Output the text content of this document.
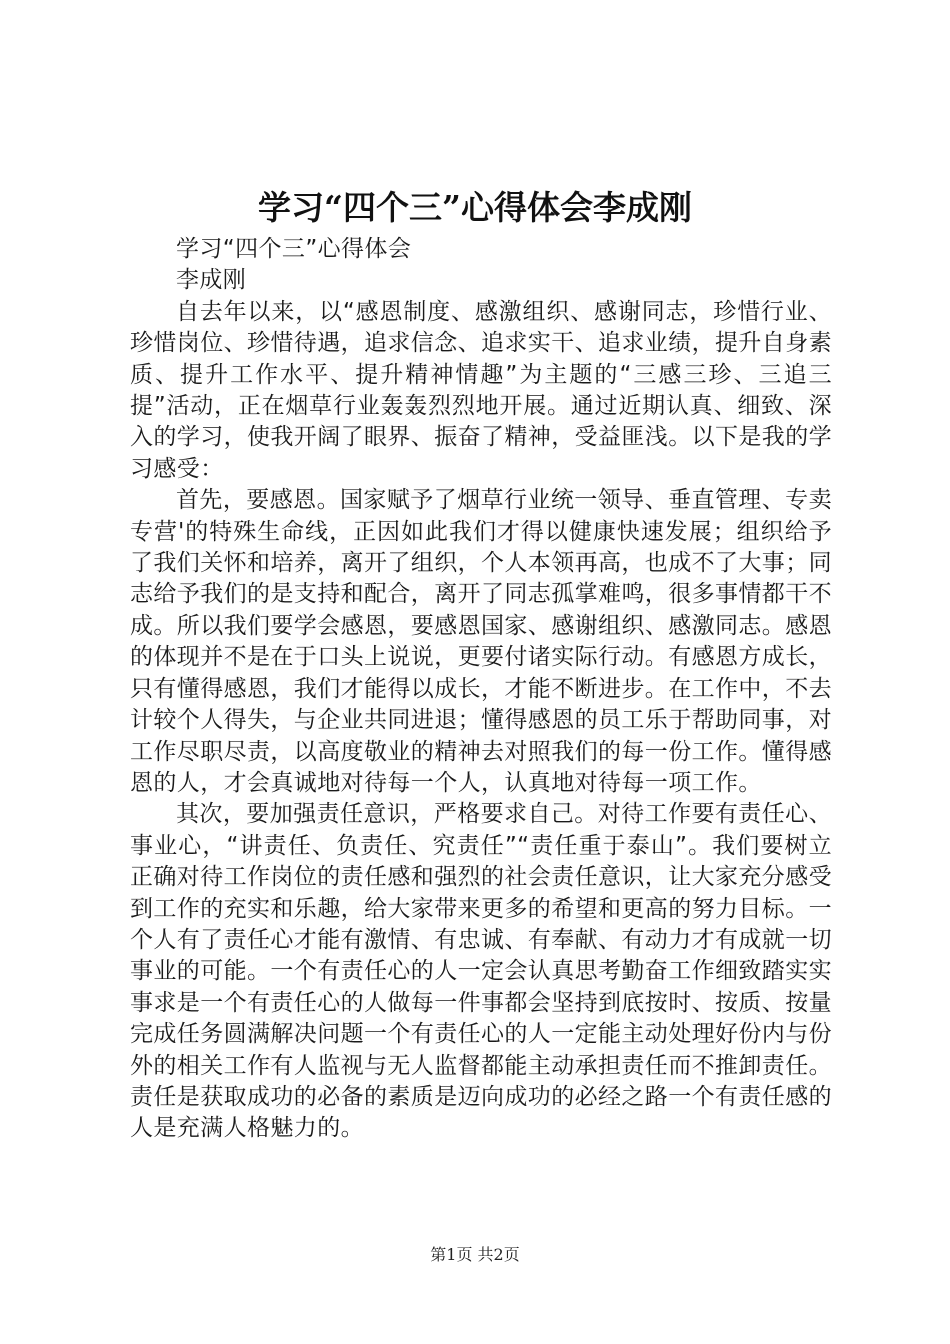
学习“四个三”心得体会李成刚

学习“四个三”心得体会

李成刚

自去年以来，以“感恩制度、感激组织、感谢同志，珍惜行业、珍惜岗位、珍惜待遇，追求信念、追求实干、追求业绩，提升自身素质、提升工作水平、提升精神情趣”为主题的“三感三珍、三追三提”活动，正在烟草行业轰轰烈烈地开展。通过近期认真、细致、深入的学习，使我开阔了眼界、振奋了精神，受益匪浅。以下是我的学习感受：

首先，要感恩。国家赋予了烟草行业统一领导、垂直管理、专卖专营'的特殊生命线，正因如此我们才得以健康快速发展；组织给予了我们关怀和培养，离开了组织，个人本领再高，也成不了大事；同志给予我们的是支持和配合，离开了同志孤掌难鸣，很多事情都干不成。所以我们要学会感恩，要感恩国家、感谢组织、感激同志。感恩的体现并不是在于口头上说说，更要付诸实际行动。有感恩方成长，只有懂得感恩，我们才能得以成长，才能不断进步。在工作中，不去计较个人得失，与企业共同进退；懂得感恩的员工乐于帮助同事，对工作尽职尽责，以高度敬业的精神去对照我们的每一份工作。懂得感恩的人，才会真诚地对待每一个人，认真地对待每一项工作。

其次，要加强责任意识，严格要求自己。对待工作要有责任心、事业心，“讲责任、负责任、究责任”“责任重于泰山”。我们要树立正确对待工作岗位的责任感和强烈的社会责任意识，让大家充分感受到工作的充实和乐趣，给大家带来更多的希望和更高的努力目标。一个人有了责任心才能有激情、有忠诚、有奉献、有动力才有成就一切事业的可能。一个有责任心的人一定会认真思考勤奋工作细致踏实实事求是一个有责任心的人做每一件事都会坚持到底按时、按质、按量完成任务圆满解决问题一个有责任心的人一定能主动处理好份内与份外的相关工作有人监视与无人监督都能主动承担责任而不推卸责任。责任是获取成功的必备的素质是迈向成功的必经之路一个有责任感的人是充满人格魅力的。

第1页 共2页
